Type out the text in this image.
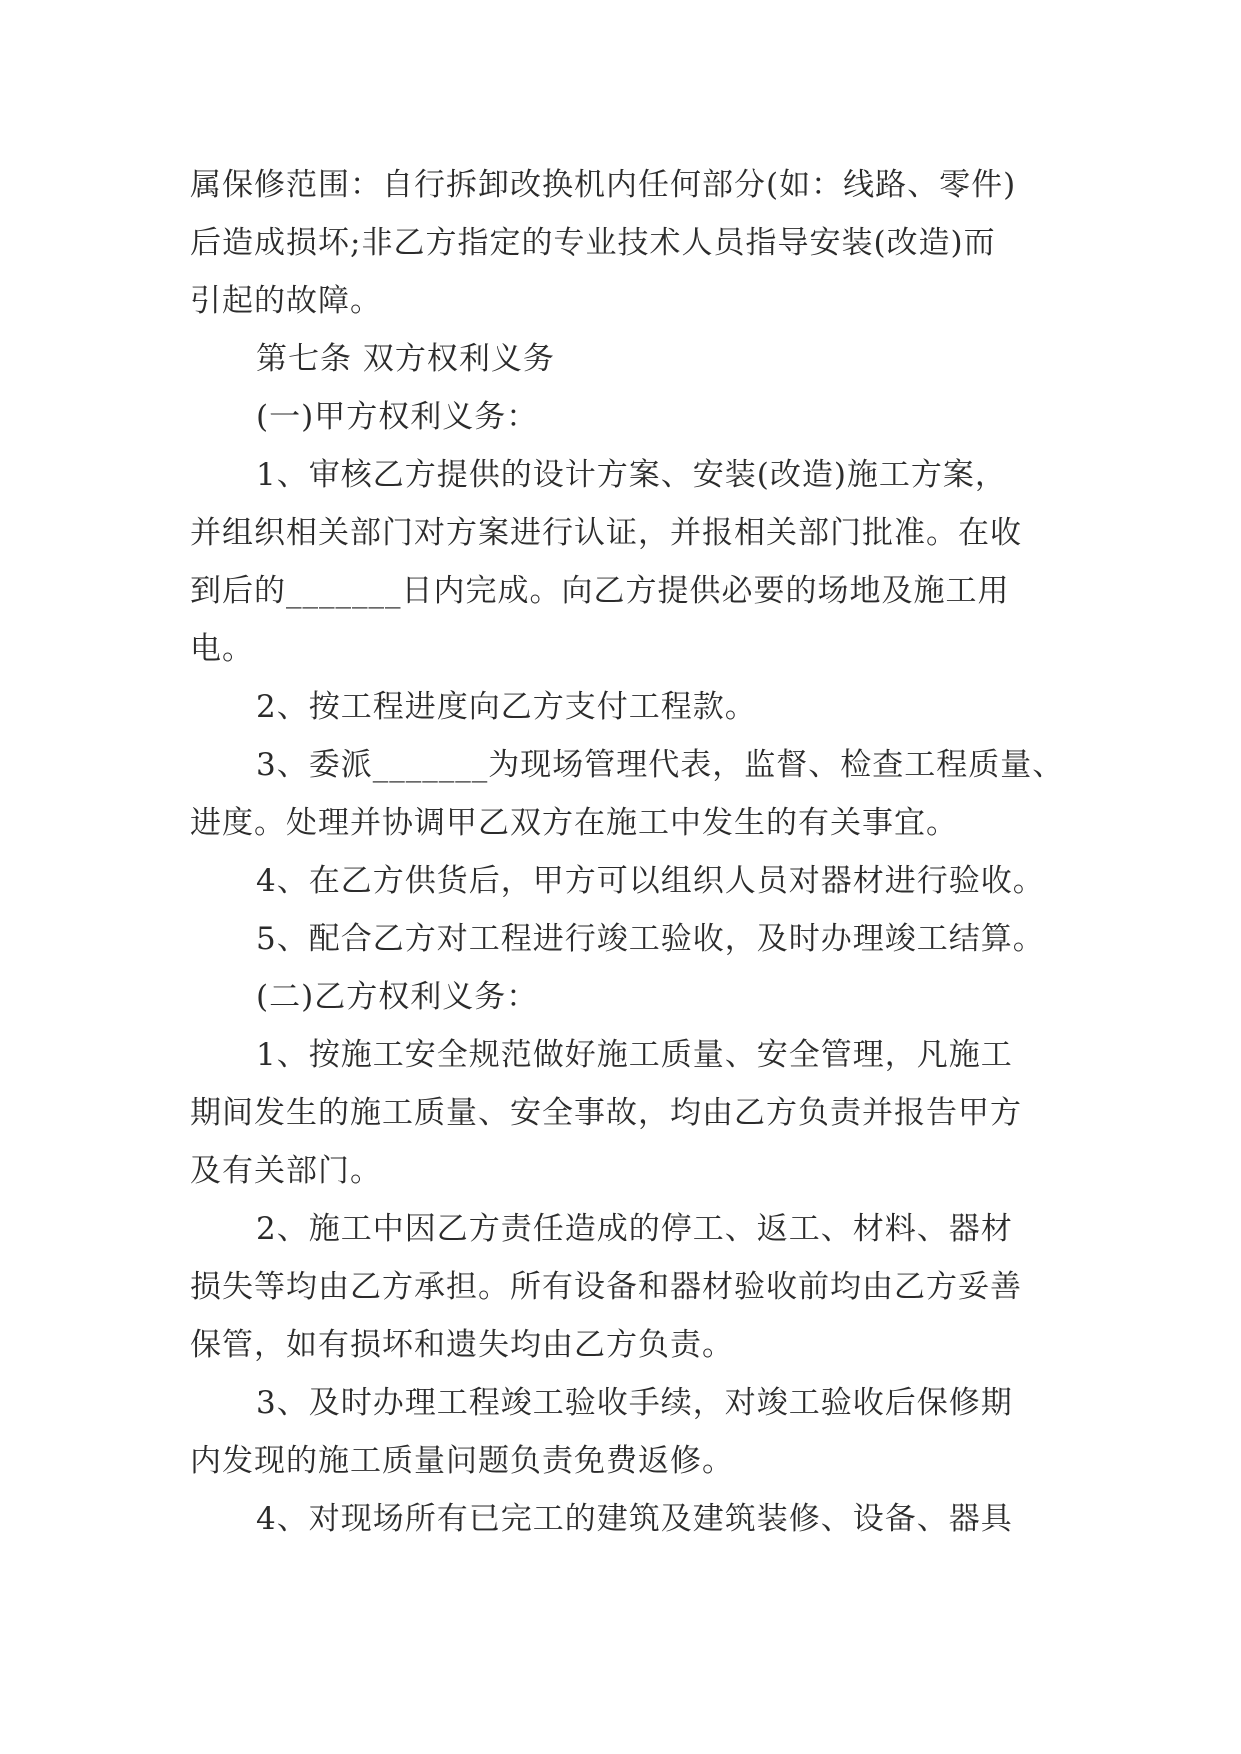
属保修范围：自行拆卸改换机内任何部分(如：线路、零件)

后造成损坏;非乙方指定的专业技术人员指导安装(改造)而

引起的故障。

第七条 双方权利义务

(一)甲方权利义务：

1、审核乙方提供的设计方案、安装(改造)施工方案，

并组织相关部门对方案进行认证，并报相关部门批准。在收

到后的_______日内完成。向乙方提供必要的场地及施工用

电。

2、按工程进度向乙方支付工程款。

3、委派_______为现场管理代表，监督、检查工程质量、

进度。处理并协调甲乙双方在施工中发生的有关事宜。

4、在乙方供货后，甲方可以组织人员对器材进行验收。

5、配合乙方对工程进行竣工验收，及时办理竣工结算。

(二)乙方权利义务：

1、按施工安全规范做好施工质量、安全管理，凡施工

期间发生的施工质量、安全事故，均由乙方负责并报告甲方

及有关部门。

2、施工中因乙方责任造成的停工、返工、材料、器材

损失等均由乙方承担。所有设备和器材验收前均由乙方妥善

保管，如有损坏和遗失均由乙方负责。

3、及时办理工程竣工验收手续，对竣工验收后保修期

内发现的施工质量问题负责免费返修。

4、对现场所有已完工的建筑及建筑装修、设备、器具
